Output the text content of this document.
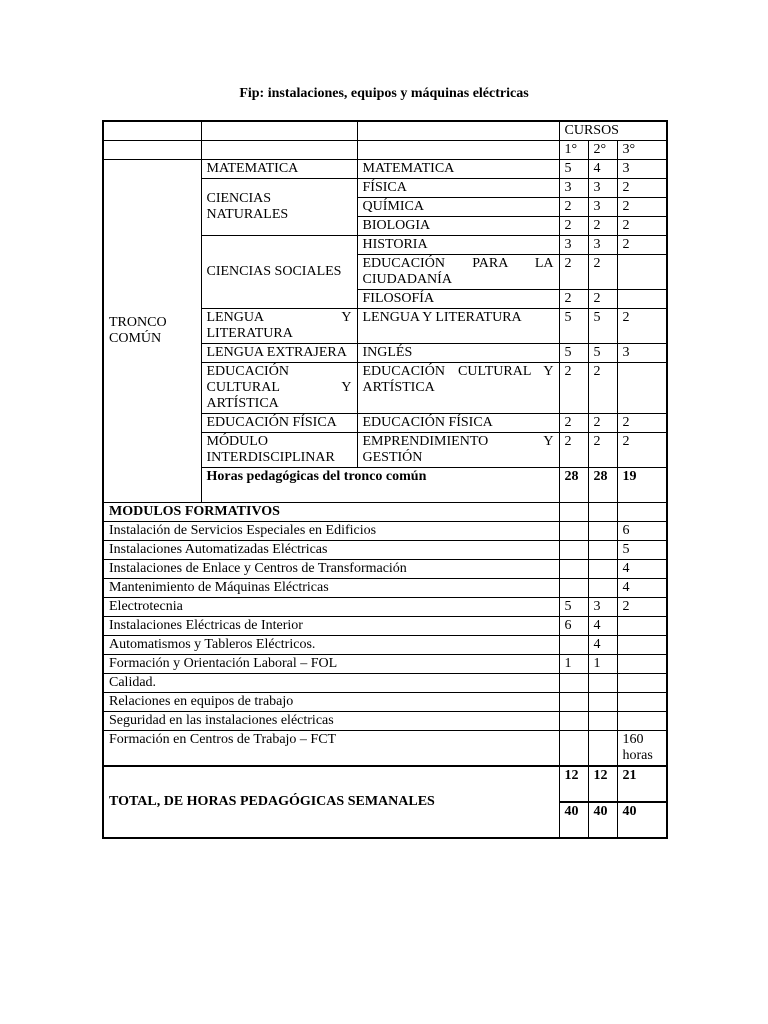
Fip: instalaciones, equipos y máquinas eléctricas
			CURSOS		
			1°	2°	3°
TRONCO COMÚN	MATEMATICA	MATEMATICA	5	4	3
	CIENCIAS NATURALES	FÍSICA	3	3	2
		QUÍMICA	2	3	2
		BIOLOGIA	2	2	2
	CIENCIAS SOCIALES	HISTORIA	3	3	2
		EDUCACIÓN PARA LA CIUDADANÍA	2	2	
		FILOSOFÍA	2	2	
	LENGUA Y LITERATURA	LENGUA Y LITERATURA	5	5	2
	LENGUA EXTRAJERA	INGLÉS	5	5	3
	EDUCACIÓN CULTURAL Y ARTÍSTICA	EDUCACIÓN CULTURAL Y ARTÍSTICA	2	2	
	EDUCACIÓN FÍSICA	EDUCACIÓN FÍSICA	2	2	2
	MÓDULO INTERDISCIPLINAR	EMPRENDIMIENTO Y GESTIÓN	2	2	2
	Horas pedagógicas del tronco común		28	28	19
MODULOS FORMATIVOS					
Instalación de Servicios Especiales en Edificios					6
Instalaciones Automatizadas Eléctricas					5
Instalaciones de Enlace y Centros de Transformación					4
Mantenimiento de Máquinas Eléctricas					4
Electrotecnia			5	3	2
Instalaciones Eléctricas de Interior			6	4	
Automatismos y Tableros Eléctricos.				4	
Formación y Orientación Laboral – FOL			1	1	
Calidad.					
Relaciones en equipos de trabajo					
Seguridad en las instalaciones eléctricas					
Formación en Centros de Trabajo – FCT					160 horas
TOTAL, DE HORAS PEDAGÓGICAS SEMANALES			12	12	21
			40	40	40
